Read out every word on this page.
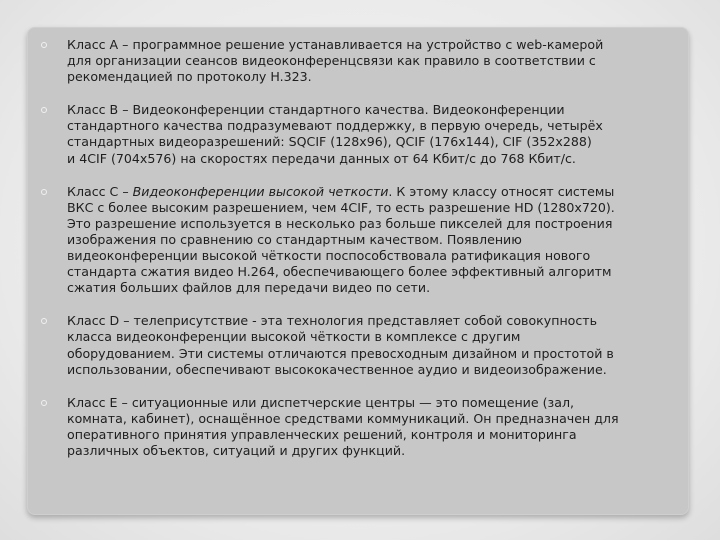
Класс A – программное решение устанавливается на устройство с web-камерой
для организации сеансов видеоконференцсвязи как правило в соответствии с
рекомендацией по протоколу H.323.
Класс B – Видеоконференции стандартного качества. Видеоконференции
стандартного качества подразумевают поддержку, в первую очередь, четырёх
стандартных видеоразрешений: SQCIF (128x96), QCIF (176x144), CIF (352x288)
и 4CIF (704x576) на скоростях передачи данных от 64 Кбит/с до 768 Кбит/с.
Класс C – Видеоконференции высокой четкости. К этому классу относят системы
ВКС с более высоким разрешением, чем 4CIF, то есть разрешение HD (1280x720).
Это разрешение используется в несколько раз больше пикселей для построения
изображения по сравнению со стандартным качеством. Появлению
видеоконференции высокой чёткости поспособствовала ратификация нового
стандарта сжатия видео H.264, обеспечивающего более эффективный алгоритм
сжатия больших файлов для передачи видео по сети.
Класс D – телеприсутствие - эта технология представляет собой совокупность
класса видеоконференции высокой чёткости в комплексе с другим
оборудованием. Эти системы отличаются превосходным дизайном и простотой в
использовании, обеспечивают высококачественное аудио и видеоизображение.
Класс E – ситуационные или диспетчерские центры — это помещение (зал,
комната, кабинет), оснащённое средствами коммуникаций. Он предназначен для
оперативного принятия управленческих решений, контроля и мониторинга
различных объектов, ситуаций и других функций.
